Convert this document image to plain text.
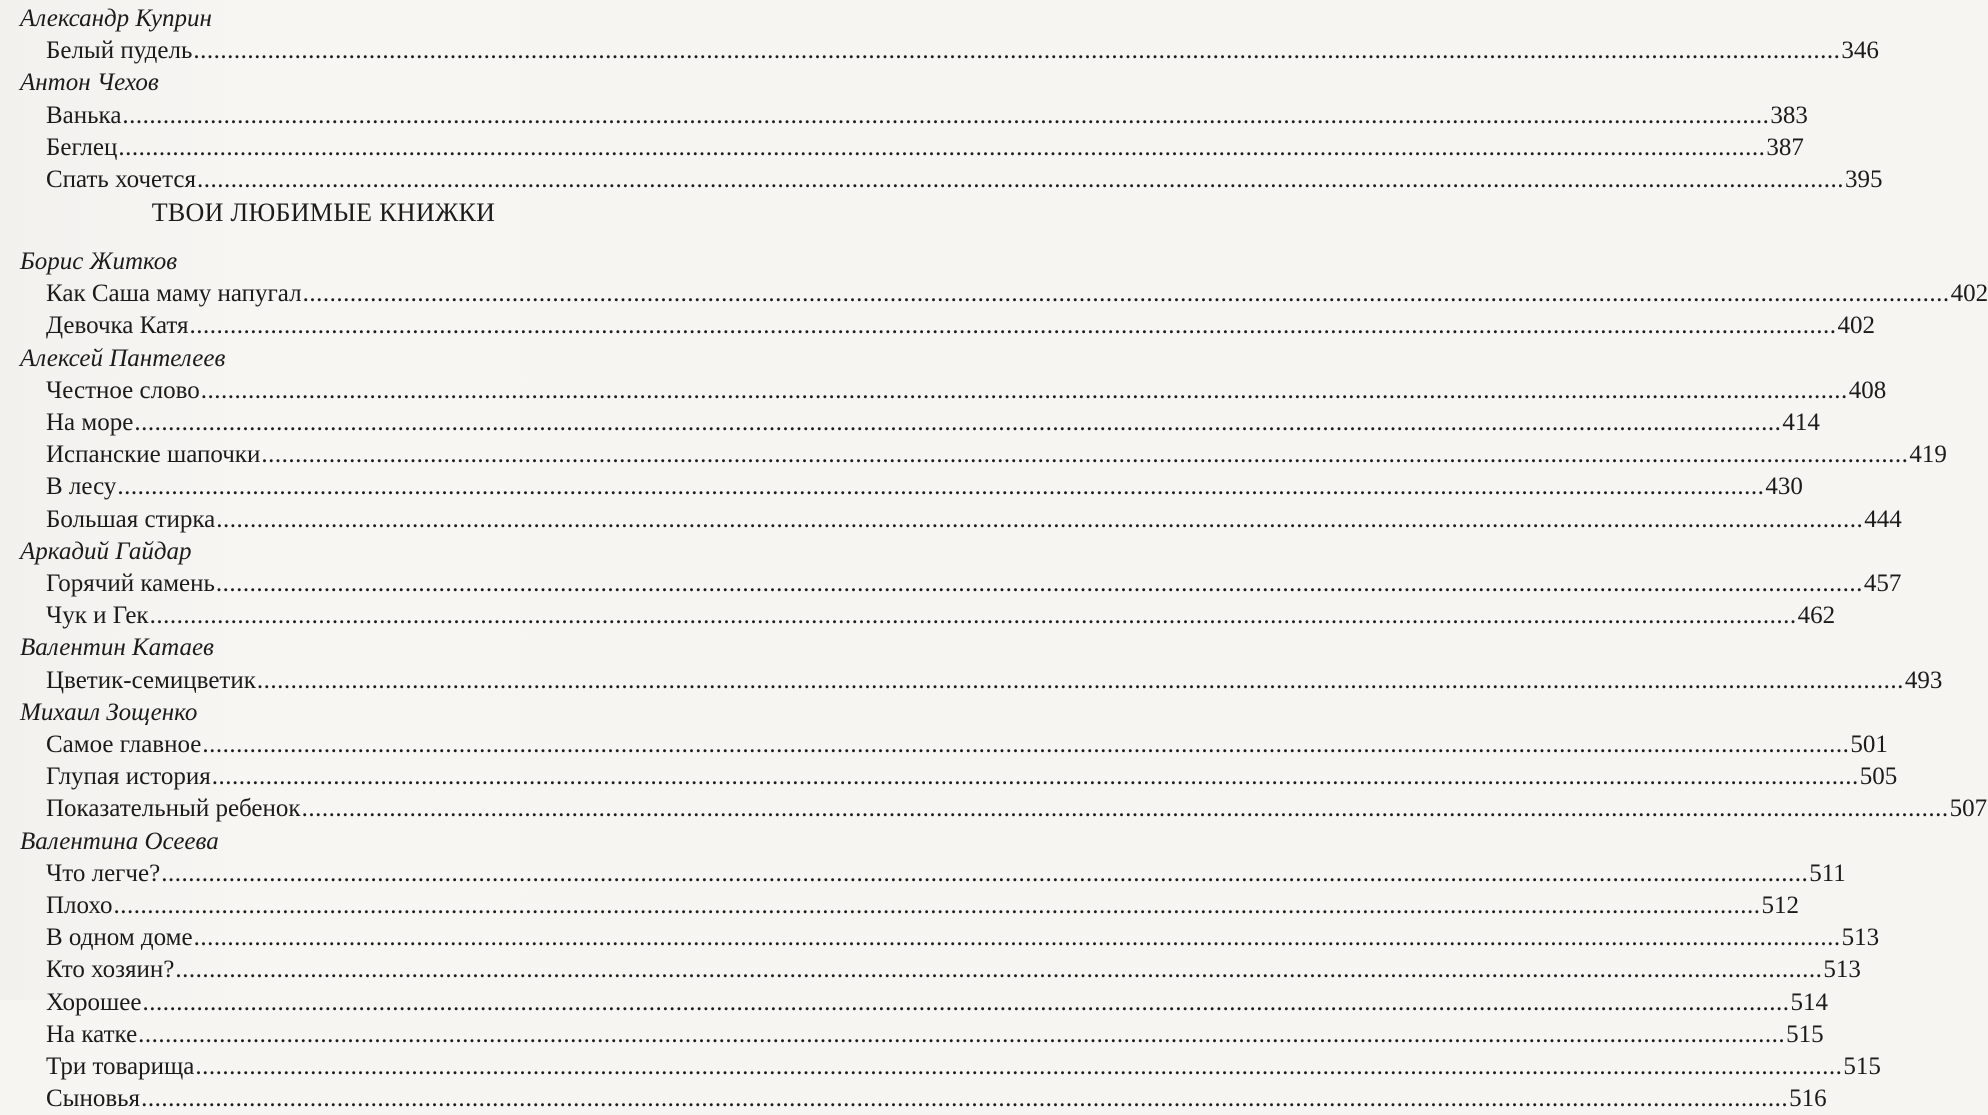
Александр Куприн
Белый пудель .....	346
Антон Чехов
Ванька .....	383
Беглец .....	387
Спать хочется .....	395
ТВОИ ЛЮБИМЫЕ КНИЖКИ
Борис Житков
Как Саша маму напугал .....	402
Девочка Катя .....	402
Алексей Пантелеев
Честное слово .....	408
На море .....	414
Испанские шапочки .....	419
В лесу .....	430
Большая стирка .....	444
Аркадий Гайдар
Горячий камень .....	457
Чук и Гек .....	462
Валентин Катаев
Цветик-семицветик .....	493
Михаил Зощенко
Самое главное .....	501
Глупая история .....	505
Показательный ребенок .....	507
Валентина Осеева
Что легче? .....	511
Плохо .....	512
В одном доме .....	513
Кто хозяин? .....	513
Хорошее .....	514
На катке .....	515
Три товарища .....	515
Сыновья .....	516
